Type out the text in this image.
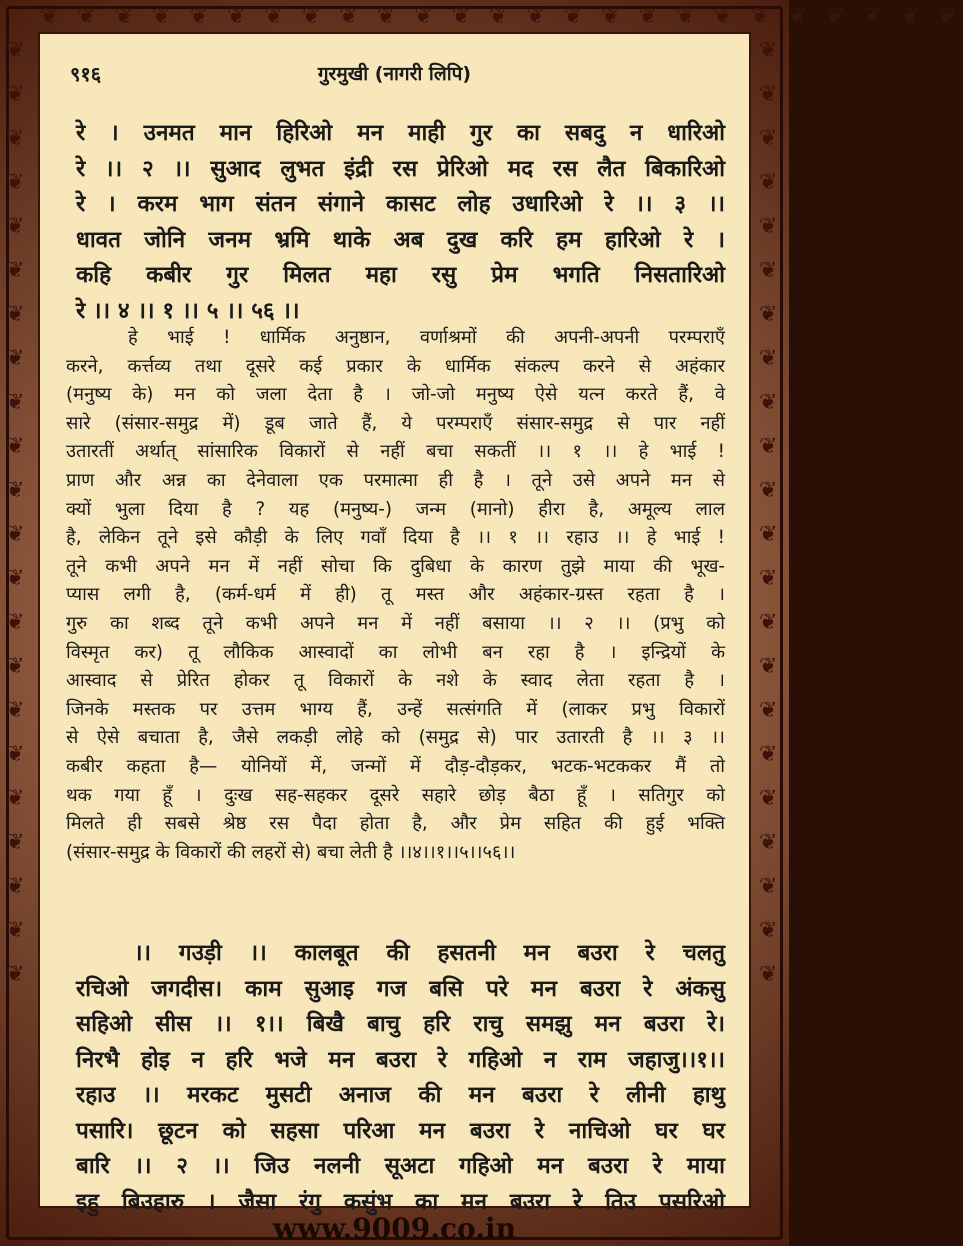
❦ ❦ ❦ ❦ ❦ ❦ ❦ ❦ ❦ ❦ ❦ ❦ ❦ ❦ ❦ ❦ ❦ ❦ ❦ ❦ ❦ ❦ ❦ ❦ ❦
❦

❦

❦

❦

❦

❦

❦

❦

❦

❦

❦

❦

❦

❦

❦

❦

❦

❦

❦

❦

❦

❦
❦

❦

❦

❦

❦

❦

❦

❦

❦

❦

❦

❦

❦

❦

❦

❦

❦

❦

❦

❦

❦

❦
९१६	गुरमुखी (नागरी लिपि)
रे । उनमत मान हिरिओ मन माही गुर का सबदु न धारिओ
रे ।। २ ।। सुआद लुभत इंद्री रस प्रेरिओ मद रस लैत बिकारिओ
रे । करम भाग संतन संगाने कासट लोह उधारिओ रे ।। ३ ।।
धावत जोनि जनम भ्रमि थाके अब दुख करि हम हारिओ रे ।
कहि कबीर गुर मिलत महा रसु प्रेम भगति निसतारिओ
रे ।। ४ ।। १ ।। ५ ।। ५६ ।।
हे भाई ! धार्मिक अनुष्ठान, वर्णाश्रमों की अपनी-अपनी परम्पराएँ
करने, कर्त्तव्य तथा दूसरे कई प्रकार के धार्मिक संकल्प करने से अहंकार
(मनुष्य के) मन को जला देता है । जो-जो मनुष्य ऐसे यत्न करते हैं, वे
सारे (संसार-समुद्र में) डूब जाते हैं, ये परम्पराएँ संसार-समुद्र से पार नहीं
उतारतीं अर्थात् सांसारिक विकारों से नहीं बचा सकतीं ।। १ ।। हे भाई !
प्राण और अन्न का देनेवाला एक परमात्मा ही है । तूने उसे अपने मन से
क्यों भुला दिया है ? यह (मनुष्य-) जन्म (मानो) हीरा है, अमूल्य लाल
है, लेकिन तूने इसे कौड़ी के लिए गवाँ दिया है ।। १ ।। रहाउ ।। हे भाई !
तूने कभी अपने मन में नहीं सोचा कि दुबिधा के कारण तुझे माया की भूख-
प्यास लगी है, (कर्म-धर्म में ही) तू मस्त और अहंकार-ग्रस्त रहता है ।
गुरु का शब्द तूने कभी अपने मन में नहीं बसाया ।। २ ।। (प्रभु को
विस्मृत कर) तू लौकिक आस्वादों का लोभी बन रहा है । इन्द्रियों के
आस्वाद से प्रेरित होकर तू विकारों के नशे के स्वाद लेता रहता है ।
जिनके मस्तक पर उत्तम भाग्य हैं, उन्हें सत्संगति में (लाकर प्रभु विकारों
से ऐसे बचाता है, जैसे लकड़ी लोहे को (समुद्र से) पार उतारती है ।। ३ ।।
कबीर कहता है— योनियों में, जन्मों में दौड़-दौड़कर, भटक-भटककर मैं तो
थक गया हूँ । दुःख सह-सहकर दूसरे सहारे छोड़ बैठा हूँ । सतिगुर को
मिलते ही सबसे श्रेष्ठ रस पैदा होता है, और प्रेम सहित की हुई भक्ति
(संसार-समुद्र के विकारों की लहरों से) बचा लेती है ।।४।।१।।५।।५६।।
।। गउड़ी ।। कालबूत की हसतनी मन बउरा रे चलतु
रचिओ जगदीस। काम सुआइ गज बसि परे मन बउरा रे अंकसु
सहिओ सीस ।। १।। बिखै बाचु हरि राचु समझु मन बउरा रे।
निरभै होइ न हरि भजे मन बउरा रे गहिओ न राम जहाजु।।१।।
रहाउ ।। मरकट मुसटी अनाज की मन बउरा रे लीनी हाथु
पसारि। छूटन को सहसा परिआ मन बउरा रे नाचिओ घर घर
बारि ।। २ ।। जिउ नलनी सूअटा गहिओ मन बउरा रे माया
इहु बिउहारु । जैसा रंगु कसुंभ का मन बउरा रे तिउ पसरिओ
www.9009.co.in
